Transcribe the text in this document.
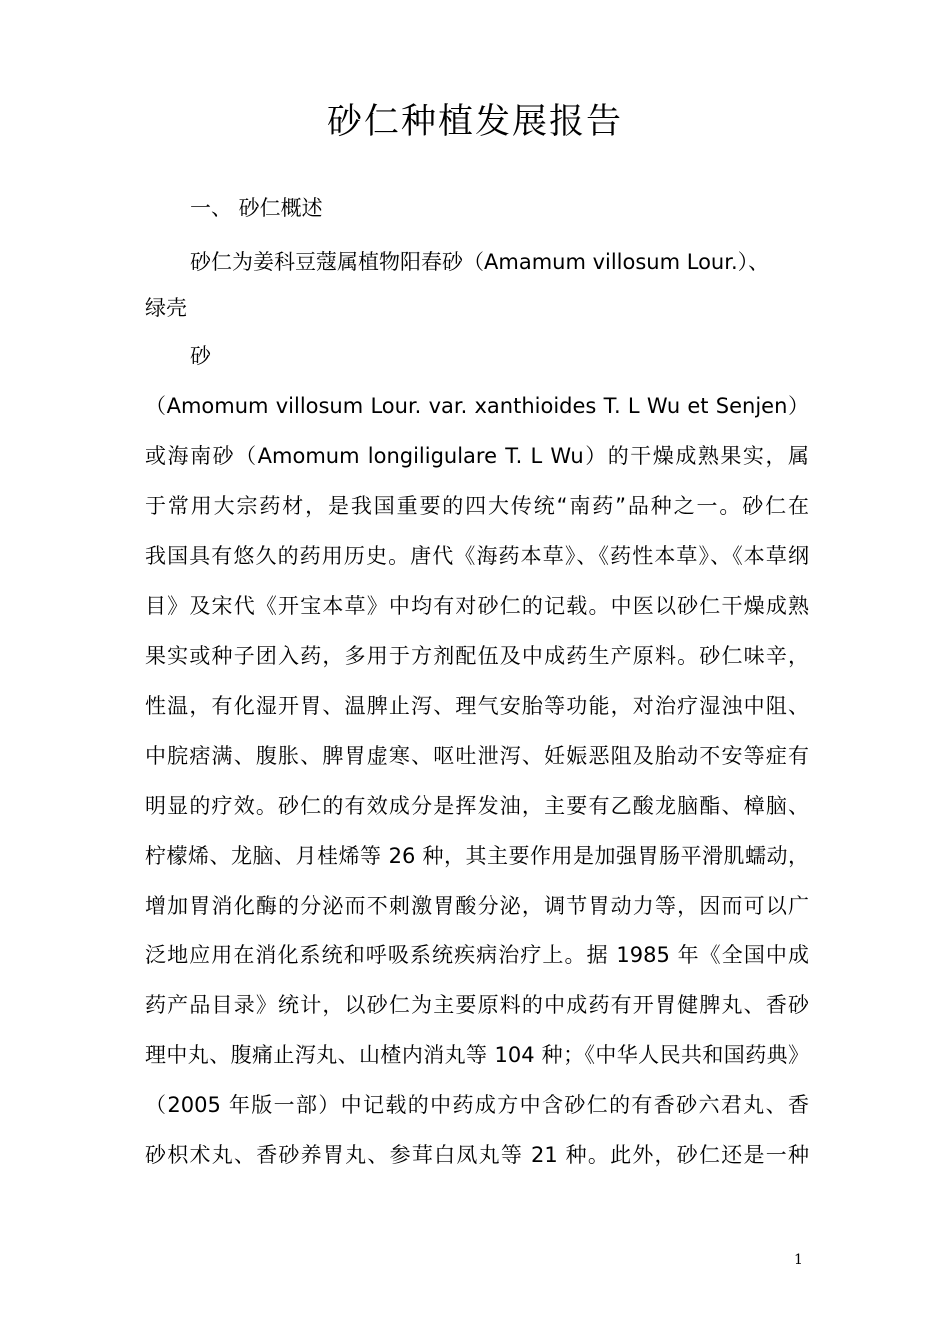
砂仁种植发展报告
一、 砂仁概述
砂仁为姜科豆蔻属植物阳春砂（Amamum villosum Lour.）、
绿壳
砂
（Amomum villosum Lour. var. xanthioides T. L Wu et Senjen）
或海南砂（Amomum longiligulare T. L Wu）的干燥成熟果实，属
于常用大宗药材，是我国重要的四大传统“南药”品种之一。砂仁在
我国具有悠久的药用历史。唐代《海药本草》、《药性本草》、《本草纲
目》及宋代《开宝本草》中均有对砂仁的记载。中医以砂仁干燥成熟
果实或种子团入药，多用于方剂配伍及中成药生产原料。砂仁味辛，
性温，有化湿开胃、温脾止泻、理气安胎等功能，对治疗湿浊中阻、
中脘痞满、腹胀、脾胃虚寒、呕吐泄泻、妊娠恶阻及胎动不安等症有
明显的疗效。砂仁的有效成分是挥发油，主要有乙酸龙脑酯、樟脑、
柠檬烯、龙脑、月桂烯等 26 种，其主要作用是加强胃肠平滑肌蠕动，
增加胃消化酶的分泌而不刺激胃酸分泌，调节胃动力等，因而可以广
泛地应用在消化系统和呼吸系统疾病治疗上。据 1985 年《全国中成
药产品目录》统计，以砂仁为主要原料的中成药有开胃健脾丸、香砂
理中丸、腹痛止泻丸、山楂内消丸等 104 种；《中华人民共和国药典》
（2005 年版一部）中记载的中药成方中含砂仁的有香砂六君丸、香
砂枳术丸、香砂养胃丸、参茸白凤丸等 21 种。此外，砂仁还是一种
1
